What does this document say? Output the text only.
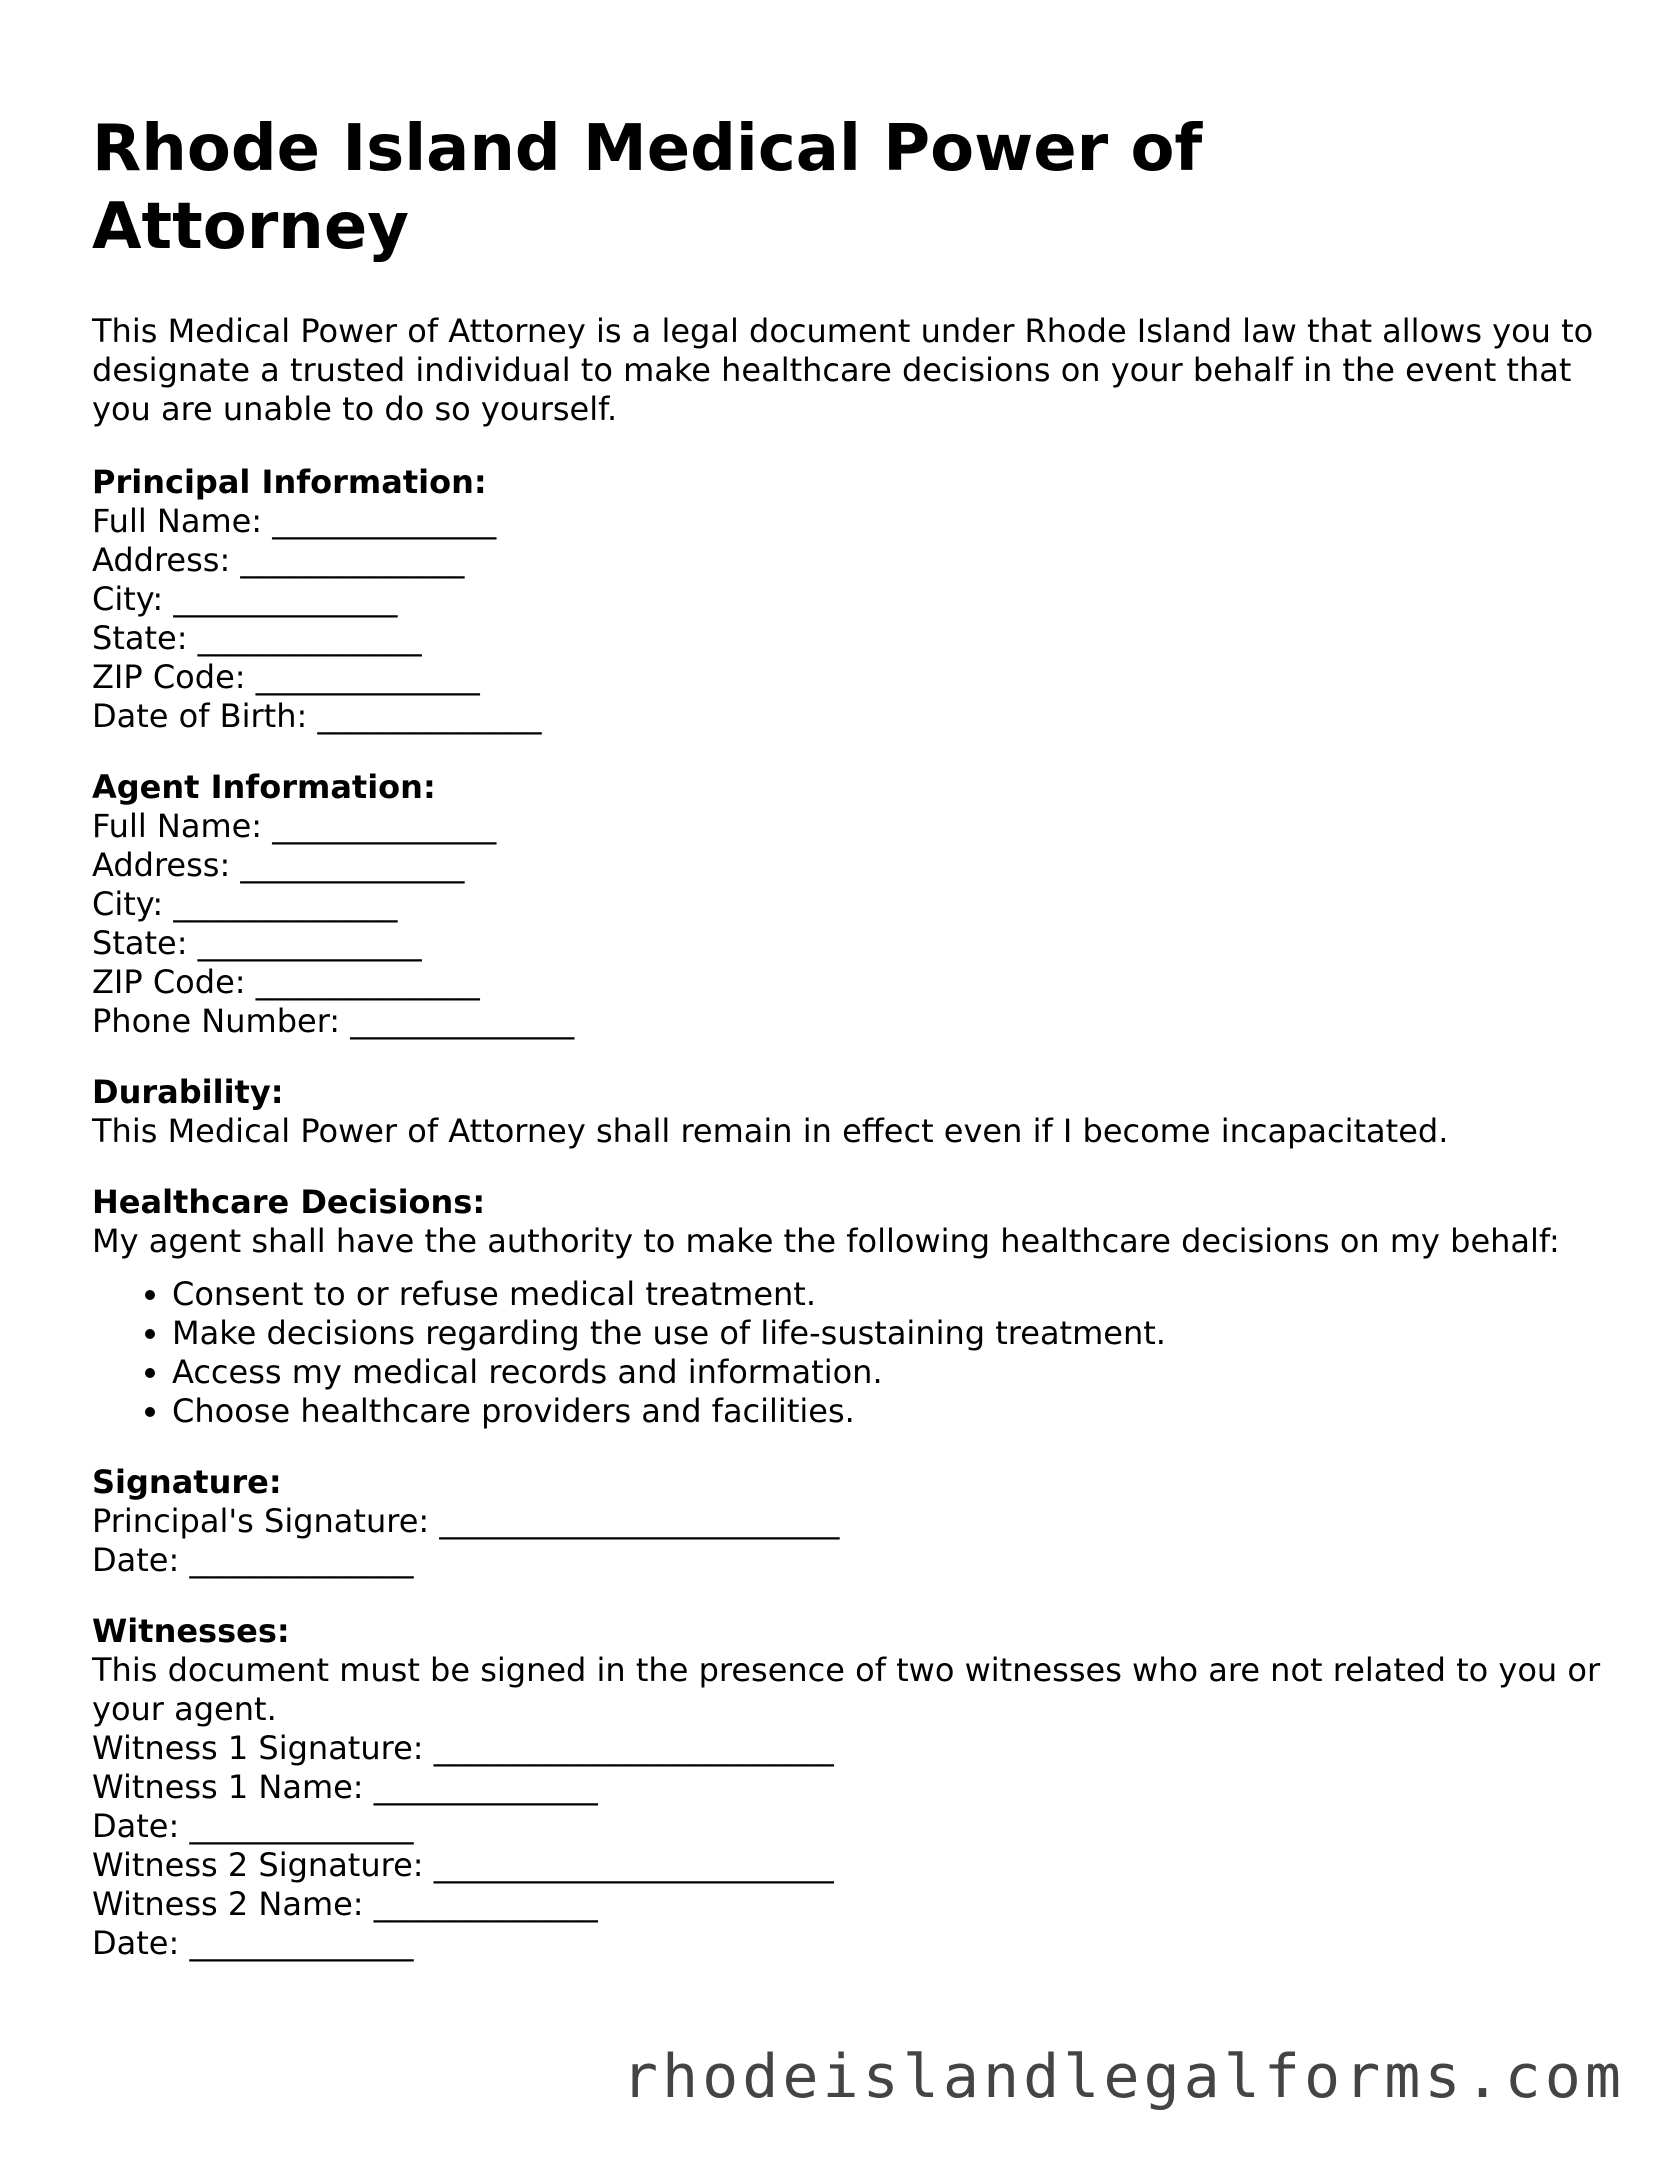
Rhode Island Medical Power of Attorney

This Medical Power of Attorney is a legal document under Rhode Island law that allows you to designate a trusted individual to make healthcare decisions on your behalf in the event that you are unable to do so yourself.

Principal Information:
Full Name: ______________
Address: ______________
City: ______________
State: ______________
ZIP Code: ______________
Date of Birth: ______________
Agent Information:
Full Name: ______________
Address: ______________
City: ______________
State: ______________
ZIP Code: ______________
Phone Number: ______________
Durability:
This Medical Power of Attorney shall remain in effect even if I become incapacitated.
Healthcare Decisions:
My agent shall have the authority to make the following healthcare decisions on my behalf:
• Consent to or refuse medical treatment.
• Make decisions regarding the use of life-sustaining treatment.
• Access my medical records and information.
• Choose healthcare providers and facilities.
Signature:
Principal's Signature: _________________________
Date: ______________
Witnesses:
This document must be signed in the presence of two witnesses who are not related to you or your agent.
Witness 1 Signature: _________________________
Witness 1 Name: ______________
Date: ______________
Witness 2 Signature: _________________________
Witness 2 Name: ______________
Date: ______________
rhodeislandlegalforms.com
